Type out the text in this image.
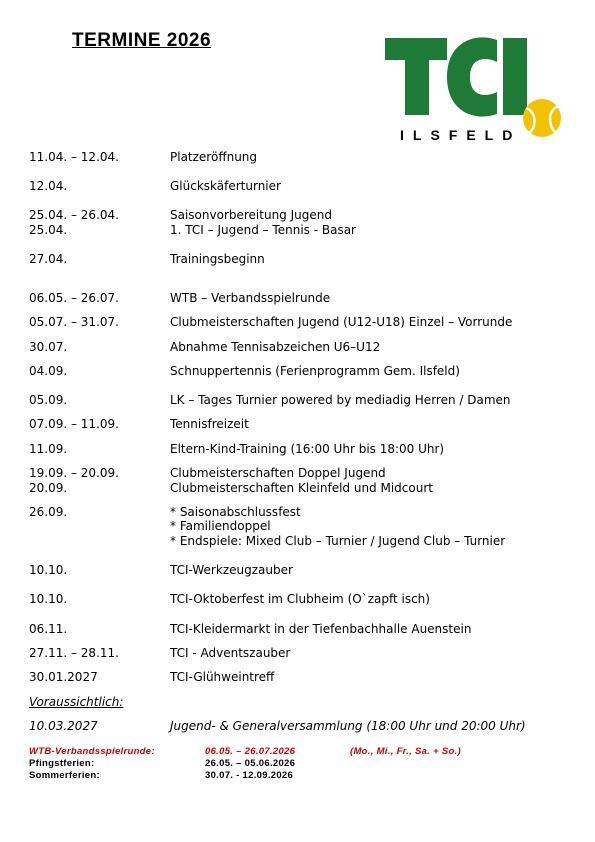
TERMINE 2026
ILSFELD
11.04. – 12.04.	Platzeröffnung
12.04.	Glückskäferturnier
25.04. – 26.04.	Saisonvorbereitung Jugend
25.04.	1. TCI – Jugend – Tennis - Basar
27.04.	Trainingsbeginn
06.05. – 26.07.	WTB – Verbandsspielrunde
05.07. – 31.07.	Clubmeisterschaften Jugend (U12-U18) Einzel – Vorrunde
30.07.	Abnahme Tennisabzeichen U6–U12
04.09.	Schnuppertennis (Ferienprogramm Gem. Ilsfeld)
05.09.	LK – Tages Turnier powered by mediadig Herren / Damen
07.09. – 11.09.	Tennisfreizeit
11.09.	Eltern-Kind-Training (16:00 Uhr bis 18:00 Uhr)
19.09. – 20.09.	Clubmeisterschaften Doppel Jugend
20.09.	Clubmeisterschaften Kleinfeld und Midcourt
26.09.	* Saisonabschlussfest
* Familiendoppel
* Endspiele: Mixed Club – Turnier / Jugend Club – Turnier
10.10.	TCI-Werkzeugzauber
10.10.	TCI-Oktoberfest im Clubheim (O`zapft isch)
06.11.	TCI-Kleidermarkt in der Tiefenbachhalle Auenstein
27.11. – 28.11.	TCI - Adventszauber
30.01.2027	TCI-Glühweintreff
Voraussichtlich:
10.03.2027	Jugend- & Generalversammlung (18:00 Uhr und 20:00 Uhr)
WTB-Verbandsspielrunde:	06.05. – 26.07.2026	(Mo., Mi., Fr., Sa. + So.)
Pfingstferien:	26.05. – 05.06.2026
Sommerferien:	30.07. - 12.09.2026
